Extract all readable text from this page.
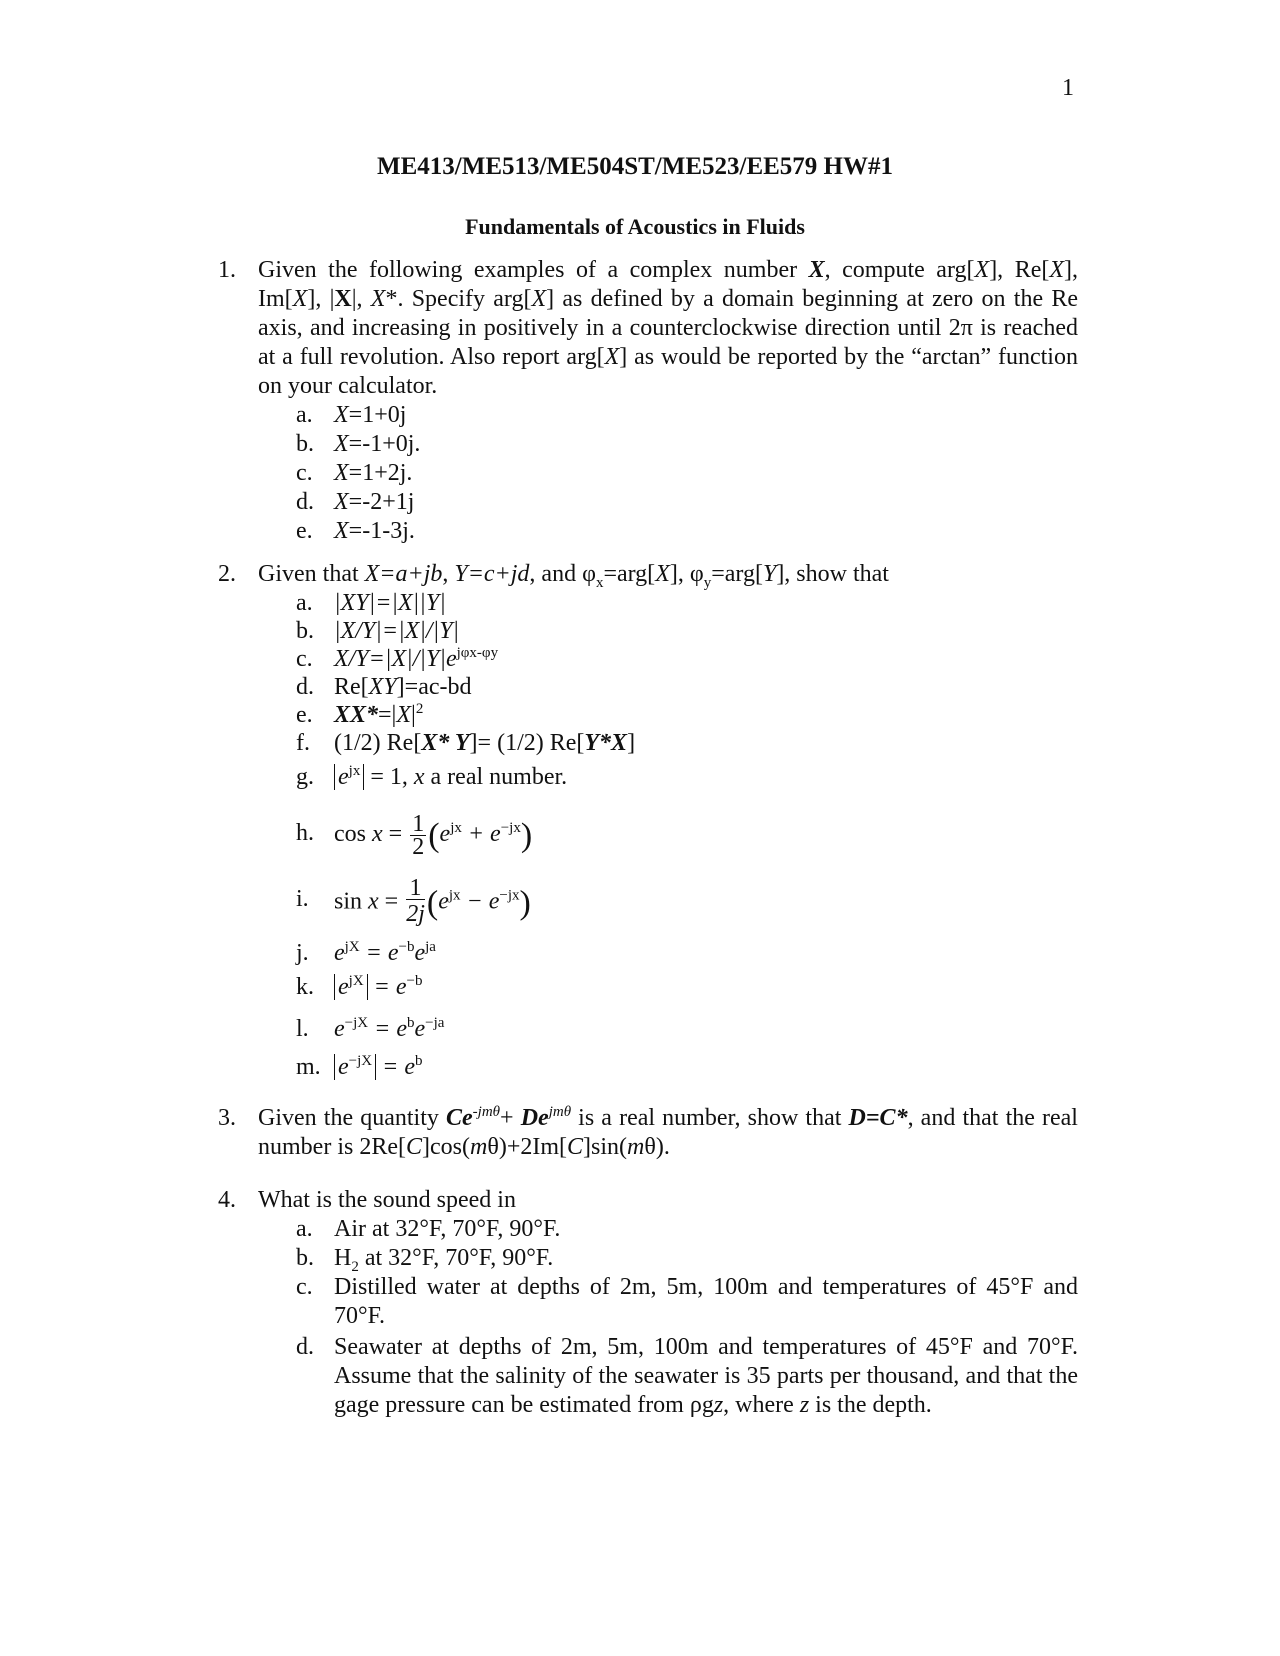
1
ME413/ME513/ME504ST/ME523/EE579 HW#1
Fundamentals of Acoustics in Fluids
1. Given the following examples of a complex number X, compute arg[X], Re[X], Im[X], |X|, X*. Specify arg[X] as defined by a domain beginning at zero on the Re axis, and increasing in positively in a counterclockwise direction until 2π is reached at a full revolution. Also report arg[X] as would be reported by the “arctan” function on your calculator.
a. X=1+0j
b. X=-1+0j.
c. X=1+2j.
d. X=-2+1j
e. X=-1-3j.
2. Given that X=a+jb, Y=c+jd, and $\varphi_x=arg[X]$, $\varphi_y=arg[Y]$, show that
a. |XY|=|X||Y|
b. |X/Y|=|X|/|Y|
c. $X/Y=|X|/|Y|e^{j\varphi x-\varphi y}$
d. Re[XY]=ac-bd
e. $XX*=|X|^2$
f. (1/2) Re[X* Y]= (1/2) Re[Y*X]
g. $e^{jx} = 1$, x a real number.
h. $\cos x = \frac{1}{2} (e^{jx} + e^{-jx})$
i. $\sin x = \frac{1}{2j}(e^{jx} - e^{-jx})$
j. $e^{jX} = e^{-b}e^{ja}$
k. $e^{jX} = e^{-b}$
l. $e^{-jX} = e^be^{-ja}$
m. $e^{-jX} = e^b$
3. Given the quantity $Ce^{-jm\theta}+ De^{jm\theta}$ is a real number, show that D=C*, and that the real number is 2Re[C]cos(mθ)+2Im[C]sin(mθ).
4. What is the sound speed in
a. Air at 32°F, 70°F, 90°F.
b. $H_2$ at 32°F, 70°F, 90°F.
c. Distilled water at depths of 2m, 5m, 100m and temperatures of 45°F and 70°F.
d. Seawater at depths of 2m, 5m, 100m and temperatures of 45°F and 70°F. Assume that the salinity of the seawater is 35 parts per thousand, and that the gage pressure can be estimated from ρgz, where z is the depth.
